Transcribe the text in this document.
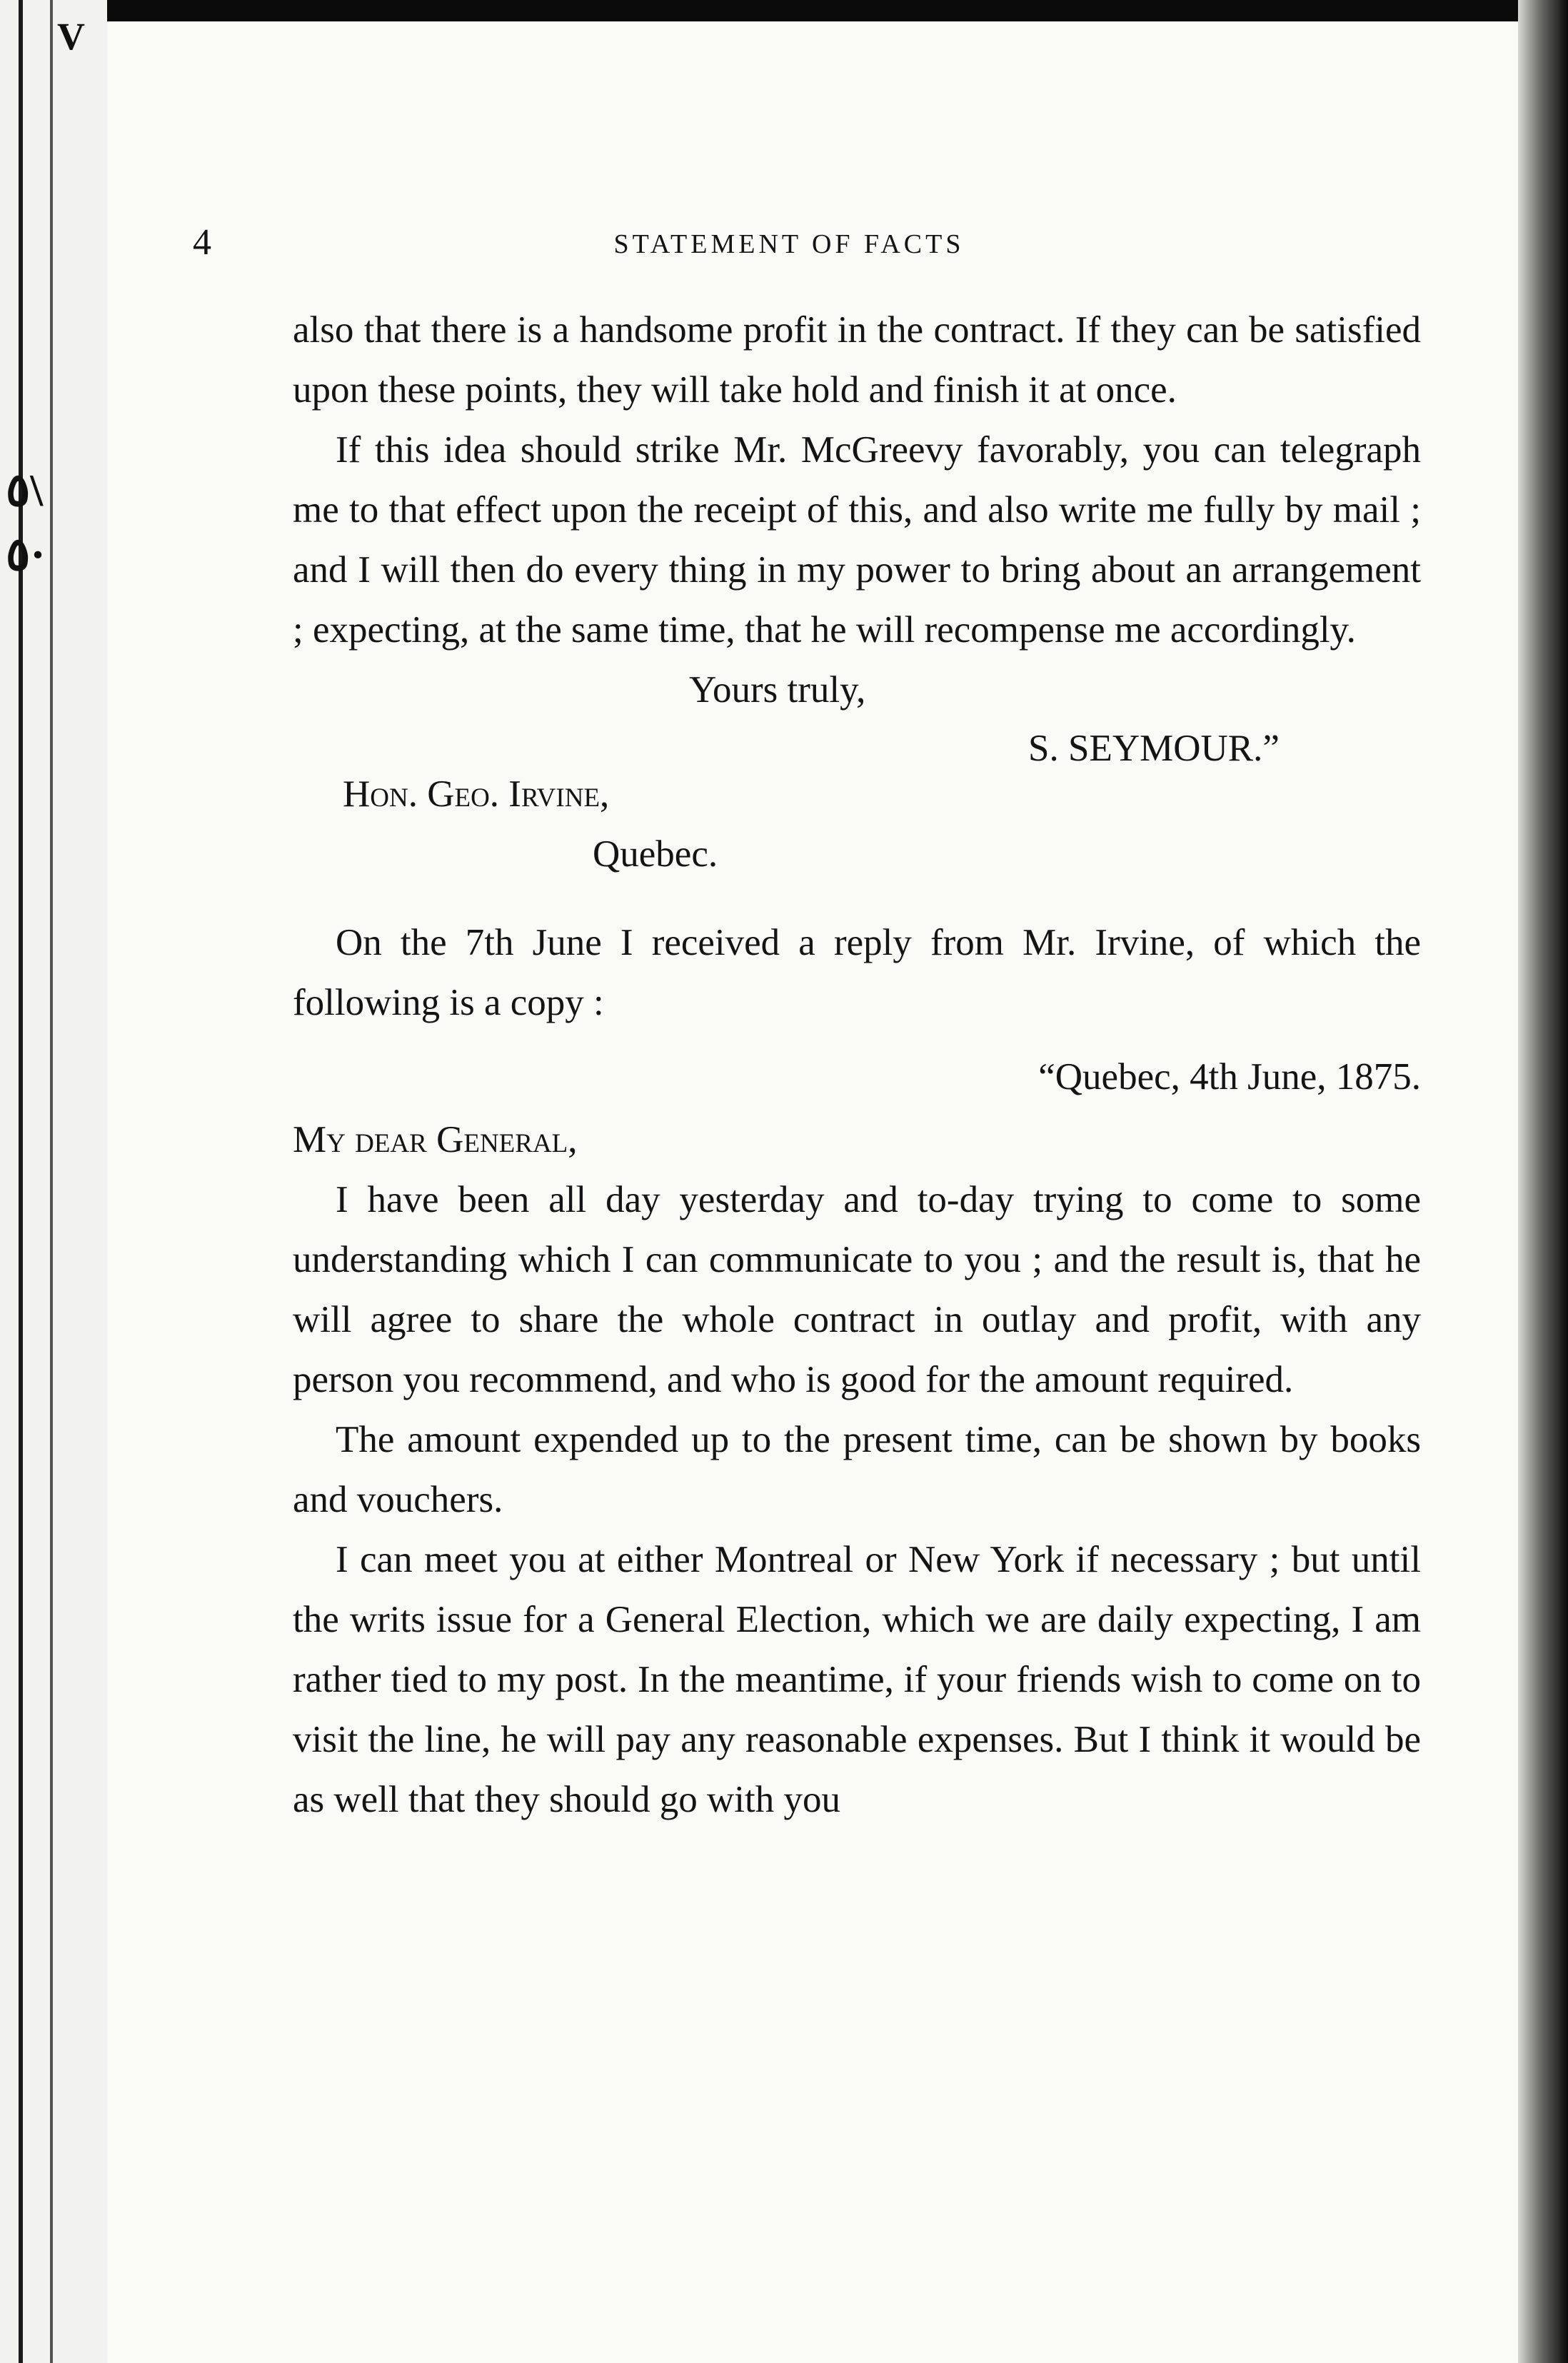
V
٥\
٥·
4	STATEMENT OF FACTS

also that there is a handsome profit in the contract. If they can be satisfied upon these points, they will take hold and finish it at once.

If this idea should strike Mr. McGreevy favorably, you can telegraph me to that effect upon the receipt of this, and also write me fully by mail ; and I will then do every thing in my power to bring about an arrangement ; expecting, at the same time, that he will recompense me accordingly.

Yours truly,

S. SEYMOUR.”

Hon. Geo. Irvine,

Quebec.

On the 7th June I received a reply from Mr. Irvine, of which the following is a copy :

“Quebec, 4th June, 1875.

My dear General,

I have been all day yesterday and to-day trying to come to some understanding which I can communicate to you ; and the result is, that he will agree to share the whole contract in outlay and profit, with any person you recommend, and who is good for the amount required.

The amount expended up to the present time, can be shown by books and vouchers.

I can meet you at either Montreal or New York if necessary ; but until the writs issue for a General Election, which we are daily expecting, I am rather tied to my post. In the meantime, if your friends wish to come on to visit the line, he will pay any reasonable expenses. But I think it would be as well that they should go with you
